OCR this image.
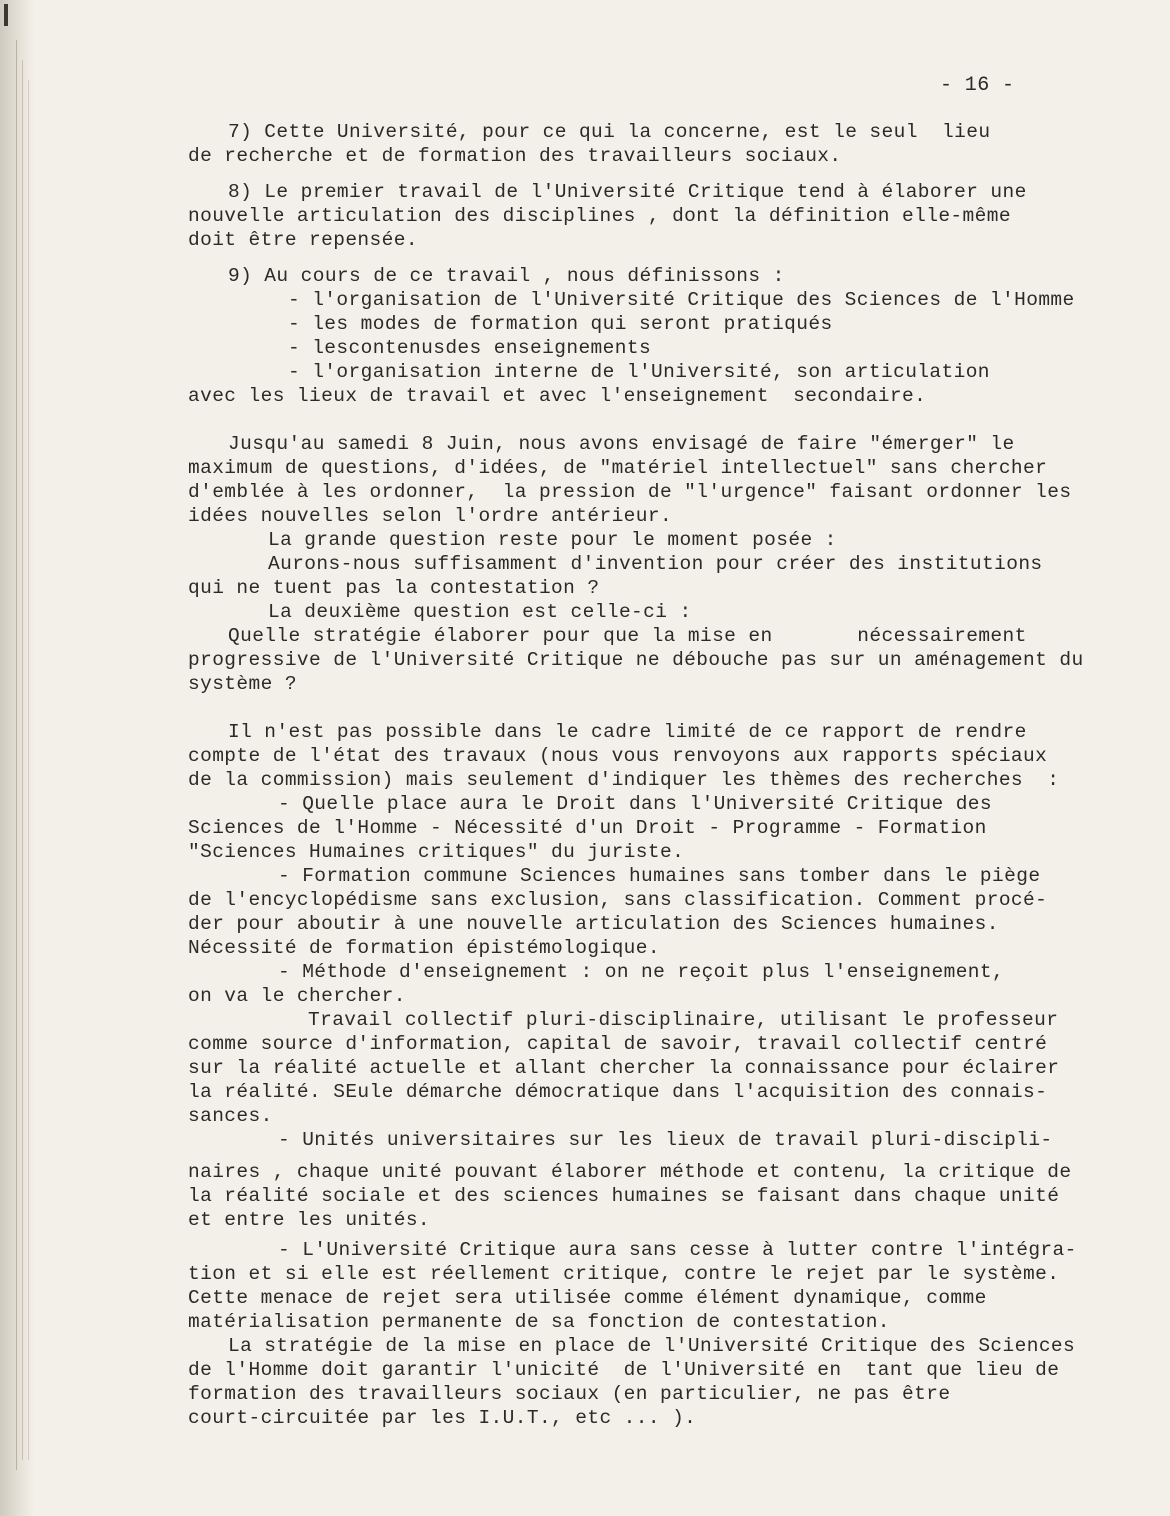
- 16 -

7) Cette Université, pour ce qui la concerne, est le seul  lieu

de recherche et de formation des travailleurs sociaux.

8) Le premier travail de l'Université Critique tend à élaborer une

nouvelle articulation des disciplines , dont la définition elle-même

doit être repensée.

9) Au cours de ce travail , nous définissons :

- l'organisation de l'Université Critique des Sciences de l'Homme

- les modes de formation qui seront pratiqués

- lescontenusdes enseignements

- l'organisation interne de l'Université, son articulation

avec les lieux de travail et avec l'enseignement  secondaire.

Jusqu'au samedi 8 Juin, nous avons envisagé de faire "émerger" le

maximum de questions, d'idées, de "matériel intellectuel" sans chercher

d'emblée à les ordonner,  la pression de "l'urgence" faisant ordonner les

idées nouvelles selon l'ordre antérieur.

La grande question reste pour le moment posée :

Aurons-nous suffisamment d'invention pour créer des institutions

qui ne tuent pas la contestation ?

La deuxième question est celle-ci :

Quelle stratégie élaborer pour que la mise en       nécessairement

progressive de l'Université Critique ne débouche pas sur un aménagement du

système ?

Il n'est pas possible dans le cadre limité de ce rapport de rendre

compte de l'état des travaux (nous vous renvoyons aux rapports spéciaux

de la commission) mais seulement d'indiquer les thèmes des recherches  :

- Quelle place aura le Droit dans l'Université Critique des

Sciences de l'Homme - Nécessité d'un Droit - Programme - Formation

"Sciences Humaines critiques" du juriste.

- Formation commune Sciences humaines sans tomber dans le piège

de l'encyclopédisme sans exclusion, sans classification. Comment procé-

der pour aboutir à une nouvelle articulation des Sciences humaines.

Nécessité de formation épistémologique.

- Méthode d'enseignement : on ne reçoit plus l'enseignement,

on va le chercher.

Travail collectif pluri-disciplinaire, utilisant le professeur

comme source d'information, capital de savoir, travail collectif centré

sur la réalité actuelle et allant chercher la connaissance pour éclairer

la réalité. SEule démarche démocratique dans l'acquisition des connais-

sances.

- Unités universitaires sur les lieux de travail pluri-discipli-

naires , chaque unité pouvant élaborer méthode et contenu, la critique de

la réalité sociale et des sciences humaines se faisant dans chaque unité

et entre les unités.

- L'Université Critique aura sans cesse à lutter contre l'intégra-

tion et si elle est réellement critique, contre le rejet par le système.

Cette menace de rejet sera utilisée comme élément dynamique, comme

matérialisation permanente de sa fonction de contestation.

La stratégie de la mise en place de l'Université Critique des Sciences

de l'Homme doit garantir l'unicité  de l'Université en  tant que lieu de

formation des travailleurs sociaux (en particulier, ne pas être

court-circuitée par les I.U.T., etc ... ).
